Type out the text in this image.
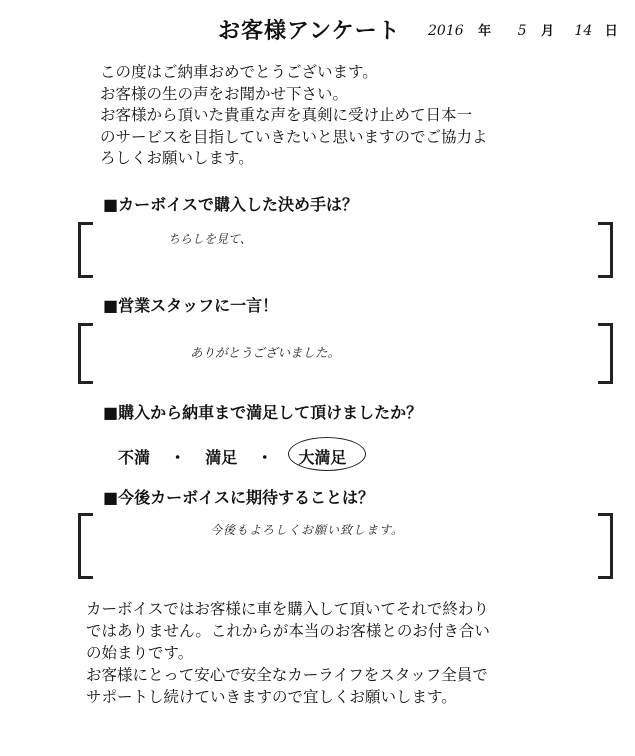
お客様アンケート 2016 年 5 月 14 日
この度はご納車おめでとうございます。
お客様の生の声をお聞かせ下さい。
お客様から頂いた貴重な声を真剣に受け止めて日本一
のサービスを目指していきたいと思いますのでご協力よ
ろしくお願いします。
■カーボイスで購入した決め手は？
ちらしを見て、
■営業スタッフに一言！
ありがとうございました。
■購入から納車まで満足して頂けましたか？
不満 ・ 満足 ・ 大満足
■今後カーボイスに期待することは？
今後もよろしくお願い致します。
カーボイスではお客様に車を購入して頂いてそれで終わり
ではありません。これからが本当のお客様とのお付き合い
の始まりです。
お客様にとって安心で安全なカーライフをスタッフ全員で
サポートし続けていきますので宜しくお願いします。
